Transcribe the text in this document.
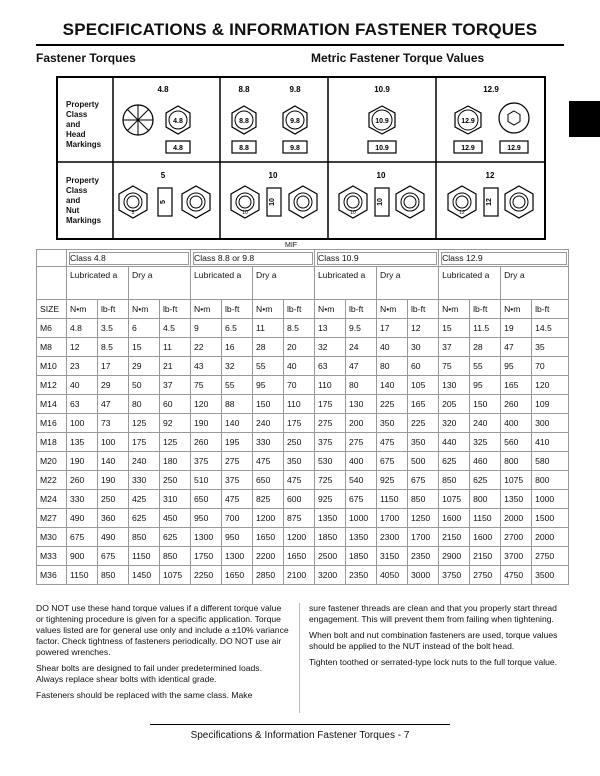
SPECIFICATIONS & INFORMATION FASTENER TORQUES
Fastener Torques	Metric Fastener Torque Values
4.8	8.8	9.8	10.9	12.9
4.8
4.8
8.8
8.8
9.8
9.8
10.9
10.9
12.9
12.9	12.9
5	10	10	12
5
5
10
10
10
10
12
12
Property
Class
and
Head
Markings
Property
Class
and
Nut
Markings
MIF
	Class 4.8				Class 8.8 or 9.8				Class 10.9				Class 12.9			
	Lubricated a		Dry a		Lubricated a		Dry a		Lubricated a		Dry a		Lubricated a		Dry a	
SIZE	N•m	lb-ft	N•m	lb-ft	N•m	lb-ft	N•m	lb-ft	N•m	lb-ft	N•m	lb-ft	N•m	lb-ft	N•m	lb-ft
M6	4.8	3.5	6	4.5	9	6.5	11	8.5	13	9.5	17	12	15	11.5	19	14.5
M8	12	8.5	15	11	22	16	28	20	32	24	40	30	37	28	47	35
M10	23	17	29	21	43	32	55	40	63	47	80	60	75	55	95	70
M12	40	29	50	37	75	55	95	70	110	80	140	105	130	95	165	120
M14	63	47	80	60	120	88	150	110	175	130	225	165	205	150	260	109
M16	100	73	125	92	190	140	240	175	275	200	350	225	320	240	400	300
M18	135	100	175	125	260	195	330	250	375	275	475	350	440	325	560	410
M20	190	140	240	180	375	275	475	350	530	400	675	500	625	460	800	580
M22	260	190	330	250	510	375	650	475	725	540	925	675	850	625	1075	800
M24	330	250	425	310	650	475	825	600	925	675	1150	850	1075	800	1350	1000
M27	490	360	625	450	950	700	1200	875	1350	1000	1700	1250	1600	1150	2000	1500
M30	675	490	850	625	1300	950	1650	1200	1850	1350	2300	1700	2150	1600	2700	2000
M33	900	675	1150	850	1750	1300	2200	1650	2500	1850	3150	2350	2900	2150	3700	2750
M36	1150	850	1450	1075	2250	1650	2850	2100	3200	2350	4050	3000	3750	2750	4750	3500

DO NOT use these hand torque values if a different torque value or tightening procedure is given for a specific application. Torque values listed are for general use only and include a ±10% variance factor. Check tightness of fasteners periodically. DO NOT use air powered wrenches.

Shear bolts are designed to fail under predetermined loads. Always replace shear bolts with identical grade.

Fasteners should be replaced with the same class. Make

sure fastener threads are clean and that you properly start thread engagement. This will prevent them from failing when tightening.

When bolt and nut combination fasteners are used, torque values should be applied to the NUT instead of the bolt head.

Tighten toothed or serrated-type lock nuts to the full torque value.

Specifications & Information Fastener Torques - 7
